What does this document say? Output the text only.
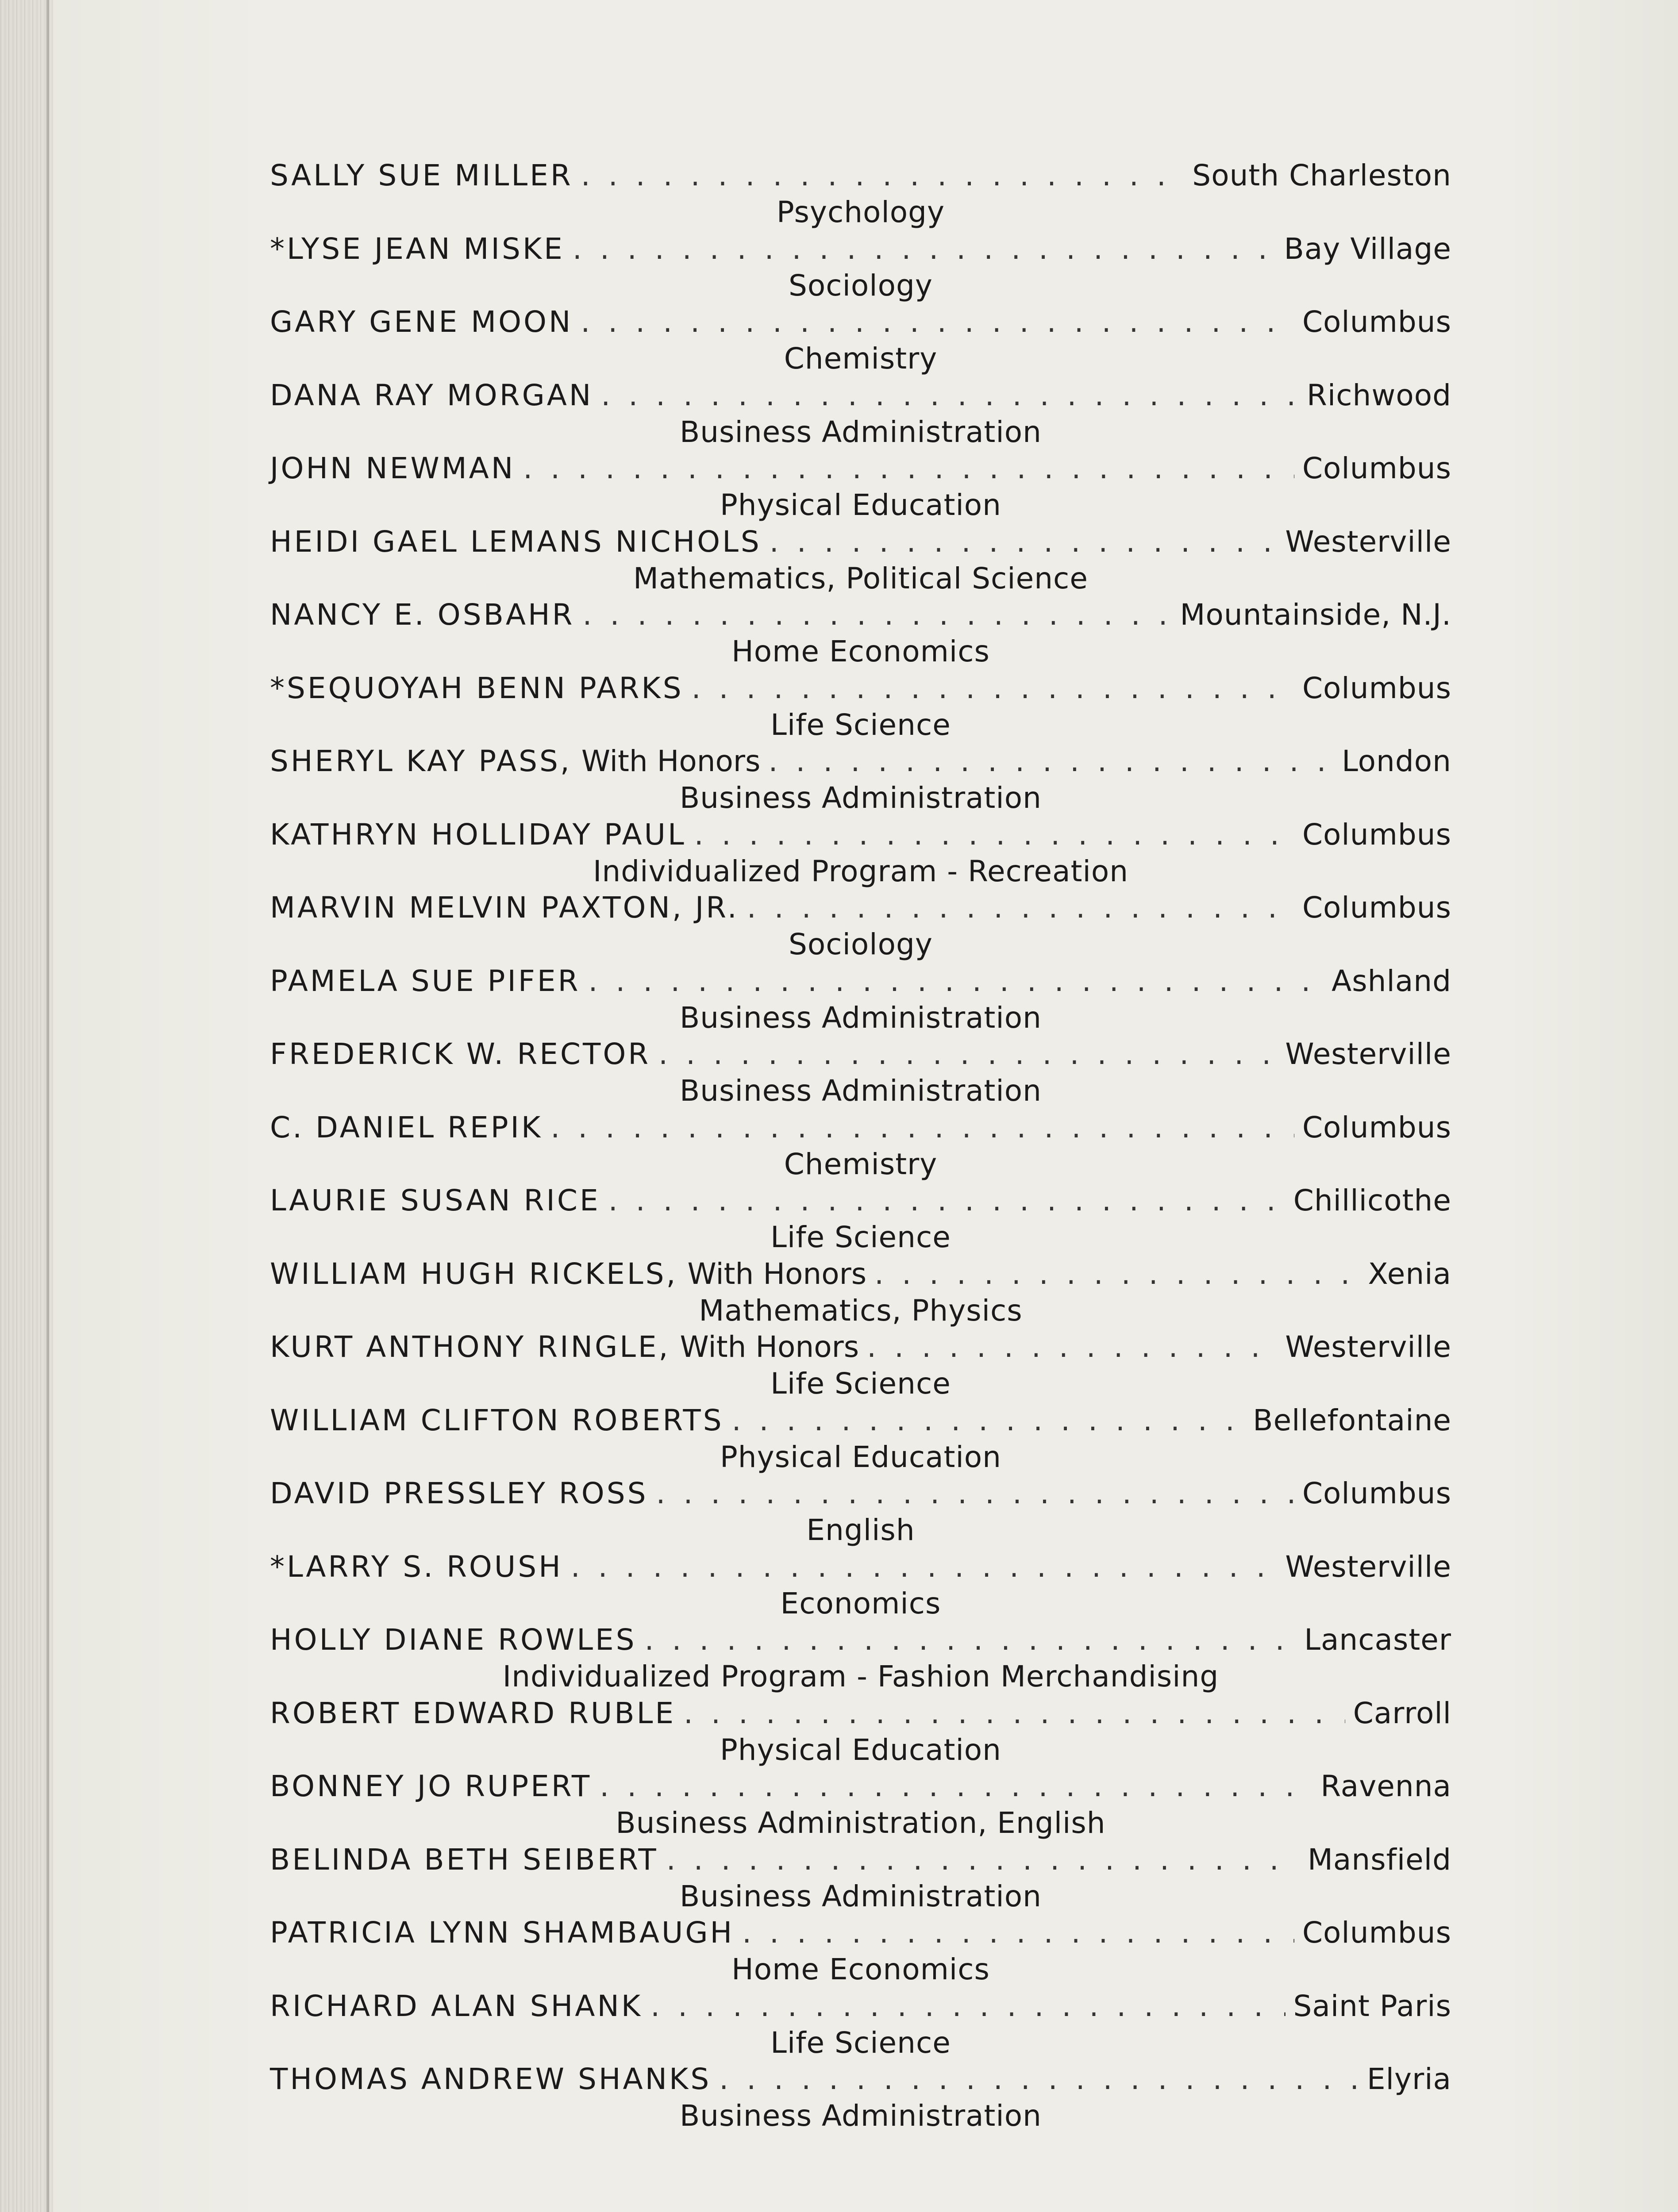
SALLY SUE MILLER . . .	South Charleston
Psychology
*LYSE JEAN MISKE . . .	Bay Village
Sociology
GARY GENE MOON . . .	Columbus
Chemistry
DANA RAY MORGAN . . .	Richwood
Business Administration
JOHN NEWMAN . . .	Columbus
Physical Education
HEIDI GAEL LEMANS NICHOLS . . .	Westerville
Mathematics, Political Science
NANCY E. OSBAHR . . .	Mountainside, N.J.
Home Economics
*SEQUOYAH BENN PARKS . . .	Columbus
Life Science
SHERYL KAY PASS, With Honors . . .	London
Business Administration
KATHRYN HOLLIDAY PAUL . . .	Columbus
Individualized Program - Recreation
MARVIN MELVIN PAXTON, JR. . . .	Columbus
Sociology
PAMELA SUE PIFER . . .	Ashland
Business Administration
FREDERICK W. RECTOR . . .	Westerville
Business Administration
C. DANIEL REPIK . . .	Columbus
Chemistry
LAURIE SUSAN RICE . . .	Chillicothe
Life Science
WILLIAM HUGH RICKELS, With Honors . . .	Xenia
Mathematics, Physics
KURT ANTHONY RINGLE, With Honors . . .	Westerville
Life Science
WILLIAM CLIFTON ROBERTS . . .	Bellefontaine
Physical Education
DAVID PRESSLEY ROSS . . .	Columbus
English
*LARRY S. ROUSH . . .	Westerville
Economics
HOLLY DIANE ROWLES . . .	Lancaster
Individualized Program - Fashion Merchandising
ROBERT EDWARD RUBLE . . .	Carroll
Physical Education
BONNEY JO RUPERT . . .	Ravenna
Business Administration, English
BELINDA BETH SEIBERT . . .	Mansfield
Business Administration
PATRICIA LYNN SHAMBAUGH . . .	Columbus
Home Economics
RICHARD ALAN SHANK . . .	Saint Paris
Life Science
THOMAS ANDREW SHANKS . . .	Elyria
Business Administration
